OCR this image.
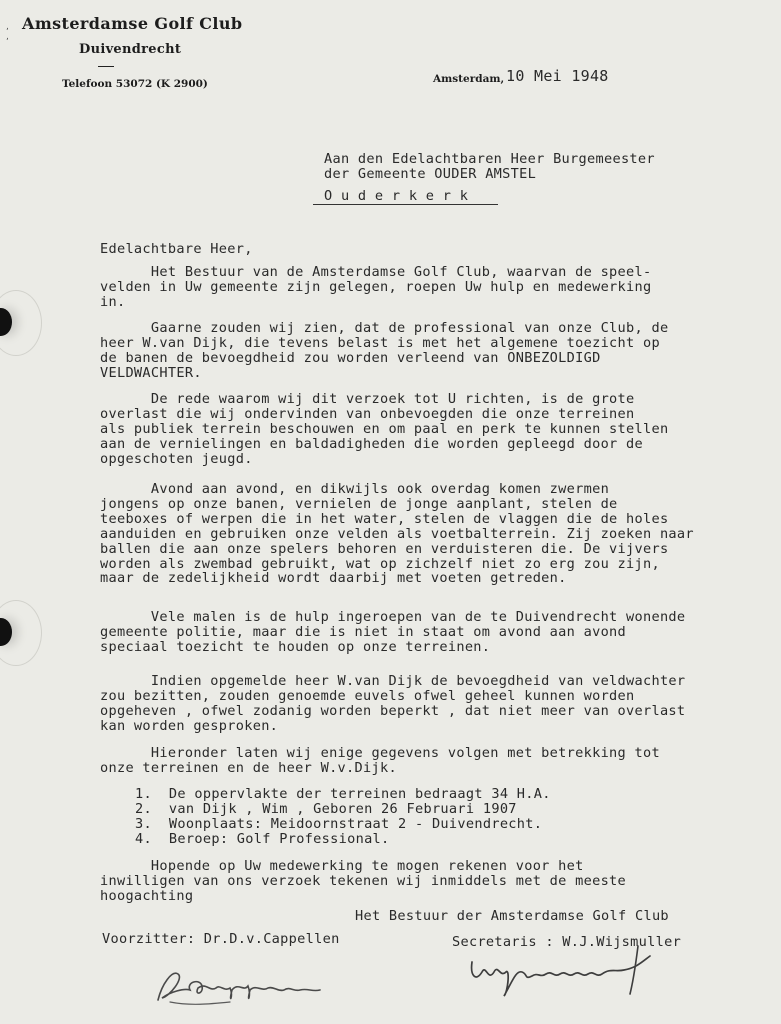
,
,
Amsterdamse Golf Club
Duivendrecht
Telefoon 53072 (K 2900)	Amsterdam, 10 Mei 1948
Aan den Edelachtbaren Heer Burgemeester
der Gemeente OUDER AMSTEL
O u d e r k e r k
Edelachtbare Heer,
Het Bestuur van de Amsterdamse Golf Club, waarvan de speel-
velden in Uw gemeente zijn gelegen, roepen Uw hulp en medewerking
in.
Gaarne zouden wij zien, dat de professional van onze Club, de
heer W.van Dijk, die tevens belast is met het algemene toezicht op
de banen de bevoegdheid zou worden verleend van ONBEZOLDIGD
VELDWACHTER.
De rede waarom wij dit verzoek tot U richten, is de grote
overlast die wij ondervinden van onbevoegden die onze terreinen
als publiek terrein beschouwen en om paal en perk te kunnen stellen
aan de vernielingen en baldadigheden die worden gepleegd door de
opgeschoten jeugd.
Avond aan avond, en dikwijls ook overdag komen zwermen
jongens op onze banen, vernielen de jonge aanplant, stelen de
teeboxes of werpen die in het water, stelen de vlaggen die de holes
aanduiden en gebruiken onze velden als voetbalterrein. Zij zoeken naar
ballen die aan onze spelers behoren en verduisteren die. De vijvers
worden als zwembad gebruikt, wat op zichzelf niet zo erg zou zijn,
maar de zedelijkheid wordt daarbij met voeten getreden.
Vele malen is de hulp ingeroepen van de te Duivendrecht wonende
gemeente politie, maar die is niet in staat om avond aan avond
speciaal toezicht te houden op onze terreinen.
Indien opgemelde heer W.van Dijk de bevoegdheid van veldwachter
zou bezitten, zouden genoemde euvels ofwel geheel kunnen worden
opgeheven , ofwel zodanig worden beperkt , dat niet meer van overlast
kan worden gesproken.
Hieronder laten wij enige gegevens volgen met betrekking tot
onze terreinen en de heer W.v.Dijk.
1.  De oppervlakte der terreinen bedraagt 34 H.A.
2.  van Dijk , Wim , Geboren 26 Februari 1907
3.  Woonplaats: Meidoornstraat 2 - Duivendrecht.
4.  Beroep: Golf Professional.
Hopende op Uw medewerking te mogen rekenen voor het
inwilligen van ons verzoek tekenen wij inmiddels met de meeste
hoogachting
Het Bestuur der Amsterdamse Golf Club
Voorzitter: Dr.D.v.Cappellen	Secretaris : W.J.Wijsmuller
